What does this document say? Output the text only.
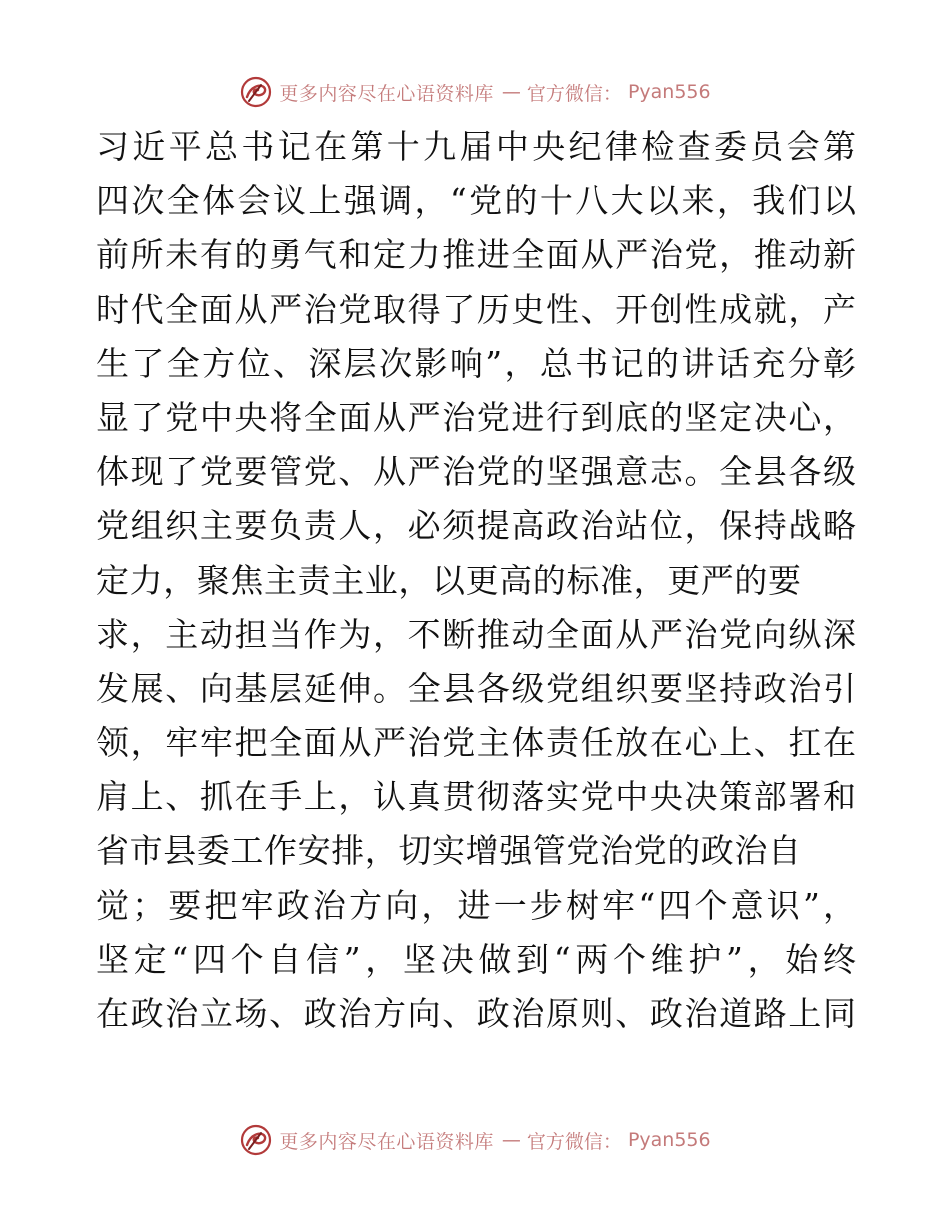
更多内容尽在心语资料库 — 官方微信： Pyan556
习近平总书记在第十九届中央纪律检查委员会第
四次全体会议上强调，“党的十八大以来，我们以
前所未有的勇气和定力推进全面从严治党，推动新
时代全面从严治党取得了历史性、开创性成就，产
生了全方位、深层次影响”，总书记的讲话充分彰
显了党中央将全面从严治党进行到底的坚定决心，
体现了党要管党、从严治党的坚强意志。全县各级
党组织主要负责人，必须提高政治站位，保持战略
定力，聚焦主责主业，以更高的标准，更严的要
求，主动担当作为，不断推动全面从严治党向纵深
发展、向基层延伸。全县各级党组织要坚持政治引
领，牢牢把全面从严治党主体责任放在心上、扛在
肩上、抓在手上，认真贯彻落实党中央决策部署和
省市县委工作安排，切实增强管党治党的政治自
觉；要把牢政治方向，进一步树牢“四个意识”，
坚定“四个自信”，坚决做到“两个维护”，始终
在政治立场、政治方向、政治原则、政治道路上同
更多内容尽在心语资料库 — 官方微信： Pyan556
